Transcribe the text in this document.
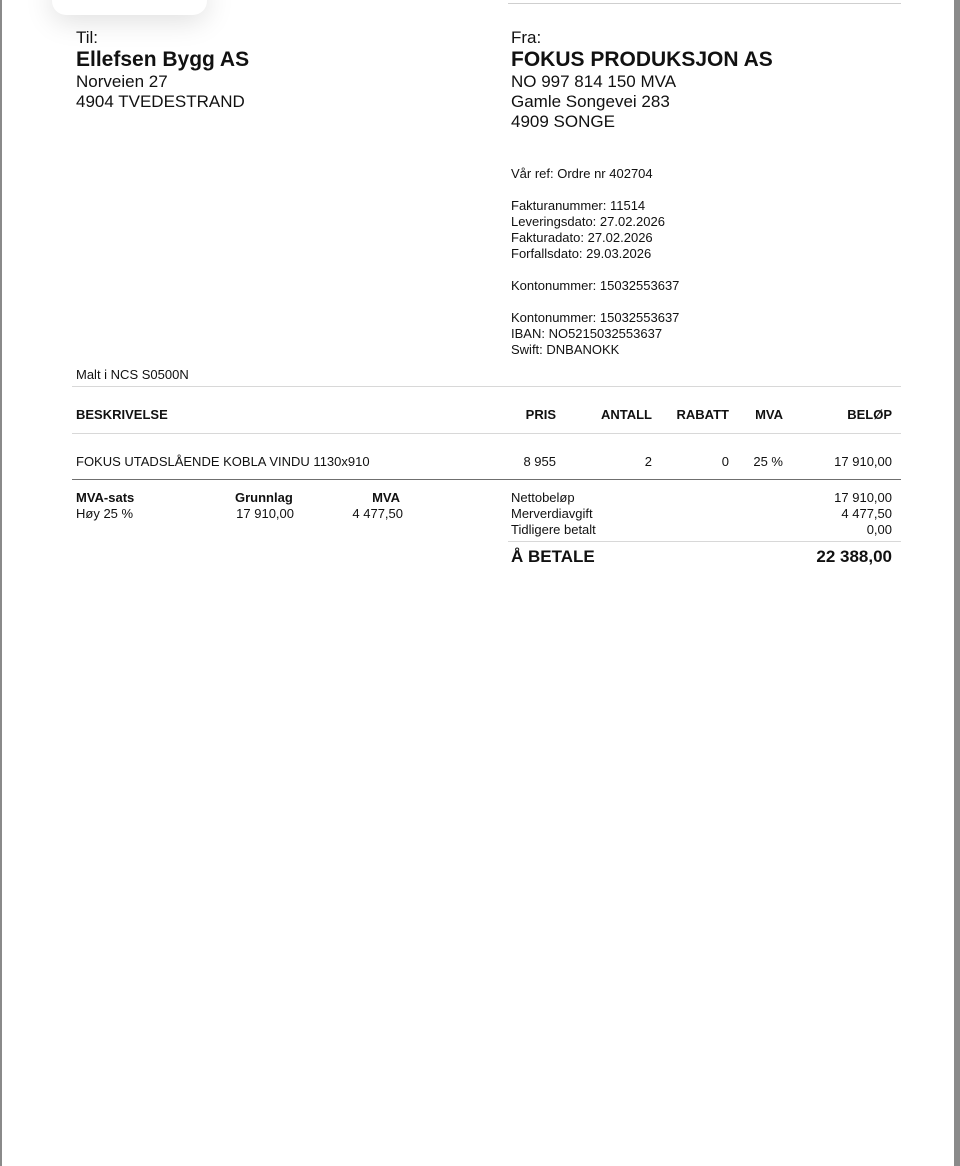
Til:
Ellefsen Bygg AS
Norveien 27
4904 TVEDESTRAND
Fra:
FOKUS PRODUKSJON AS
NO 997 814 150 MVA
Gamle Songevei 283
4909 SONGE
Vår ref: Ordre nr 402704
Fakturanummer: 11514
Leveringsdato: 27.02.2026
Fakturadato: 27.02.2026
Forfallsdato: 29.03.2026
Kontonummer: 15032553637
Kontonummer: 15032553637
IBAN: NO5215032553637
Swift: DNBANOKK
Malt i NCS S0500N
BESKRIVELSE	PRIS	ANTALL	RABATT	MVA	BELØP
FOKUS UTADSLÅENDE KOBLA VINDU 1130x910	8 955	2	0	25 %	17 910,00
MVA-sats	Grunnlag	MVA
Høy 25 %	17 910,00	4 477,50
Nettobeløp	17 910,00
Merverdiavgift	4 477,50
Tidligere betalt	0,00
Å BETALE	22 388,00
